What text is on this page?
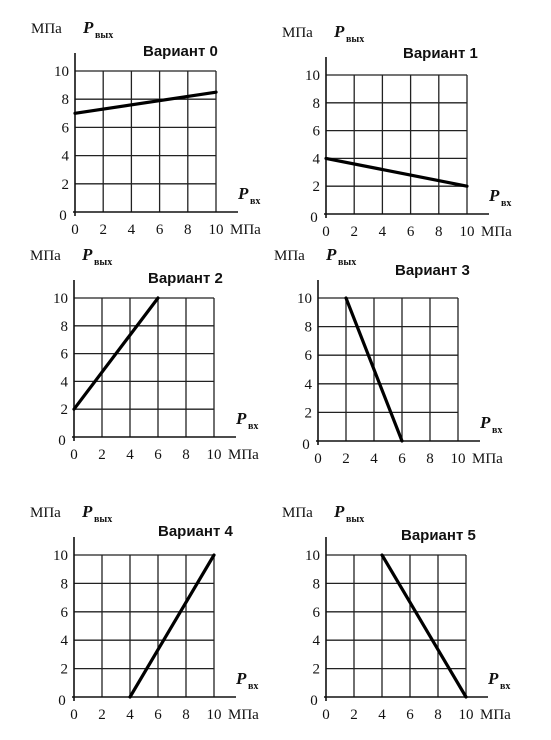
МПа P вых
P вх
МПа
0 2 4 6 8 10
0
2
4
6
8
10
Вариант 0
МПа P вых
P вх
МПа
0 2 4 6 8 10
0
2
4
6
10
8
Вариант 1
МПа P вых
P вх
МПа
0 2 4 6 8 10
0
2
4
6
8
10
Вариант 2
МПа P вых
P вх
МПа
0 2 4 6 8 10
0
2
4
6
8
10
Вариант 3
МПа P вых
P вх
МПа
0 2 4 6 8 10
0
2
4
6
8
10
Вариант 4
МПа P вых
P вх
МПа
0 2 4 6 8 10
0
2
4
6
8
10
Вариант 5
